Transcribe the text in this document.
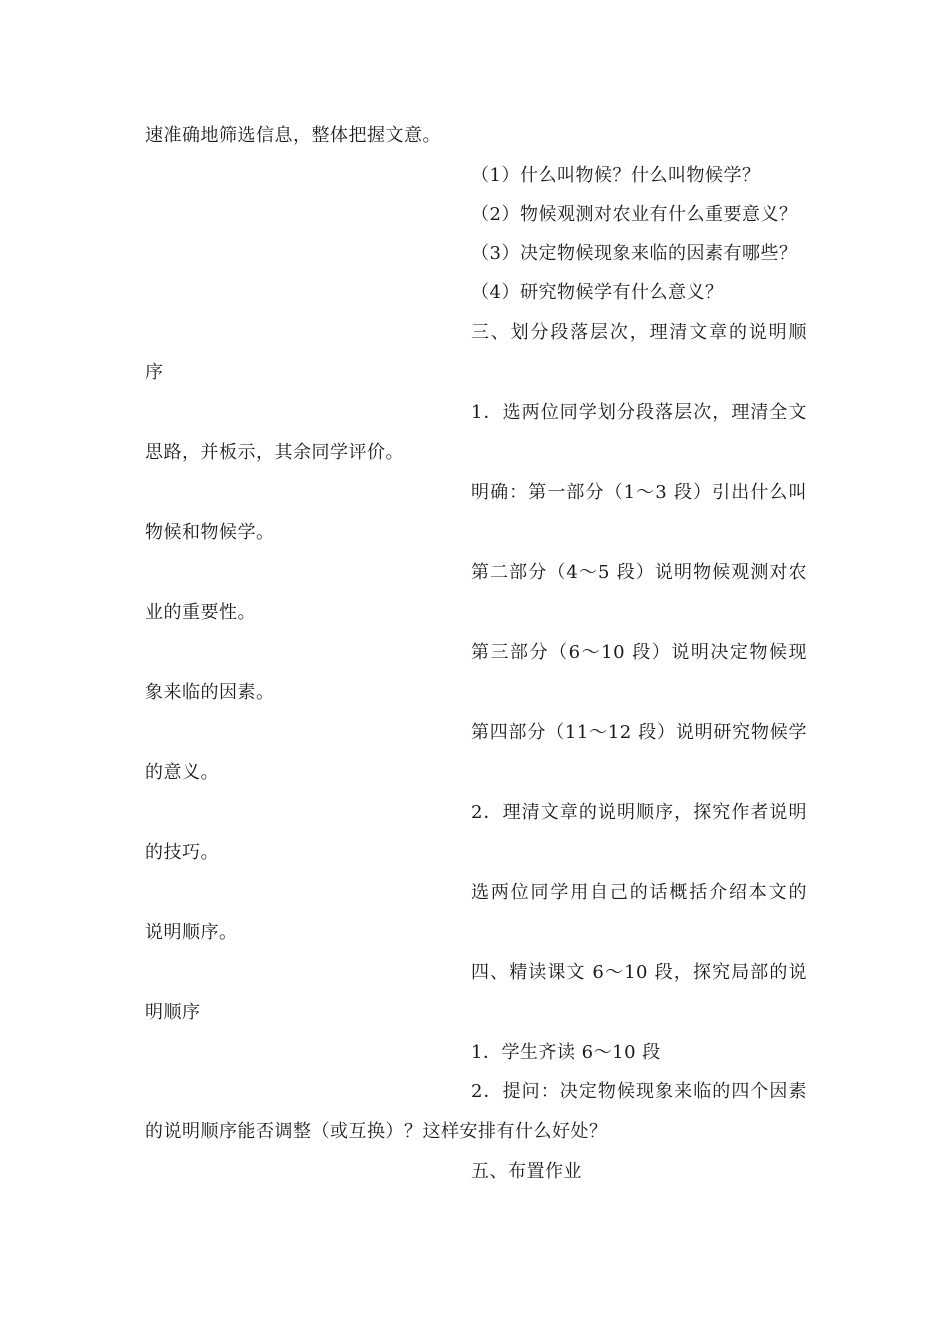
速准确地筛选信息，整体把握文意。
（1）什么叫物候？什么叫物候学？
（2）物候观测对农业有什么重要意义？
（3）决定物候现象来临的因素有哪些？
（4）研究物候学有什么意义？
三、划分段落层次，理清文章的说明顺
序
1．选两位同学划分段落层次，理清全文
思路，并板示，其余同学评价。
明确：第一部分（1～3 段）引出什么叫
物候和物候学。
第二部分（4～5 段）说明物候观测对农
业的重要性。
第三部分（6～10 段）说明决定物候现
象来临的因素。
第四部分（11～12 段）说明研究物候学
的意义。
2．理清文章的说明顺序，探究作者说明
的技巧。
选两位同学用自己的话概括介绍本文的
说明顺序。
四、精读课文 6～10 段，探究局部的说
明顺序
1．学生齐读 6～10 段
2．提问：决定物候现象来临的四个因素
的说明顺序能否调整（或互换）？这样安排有什么好处？
五、布置作业
